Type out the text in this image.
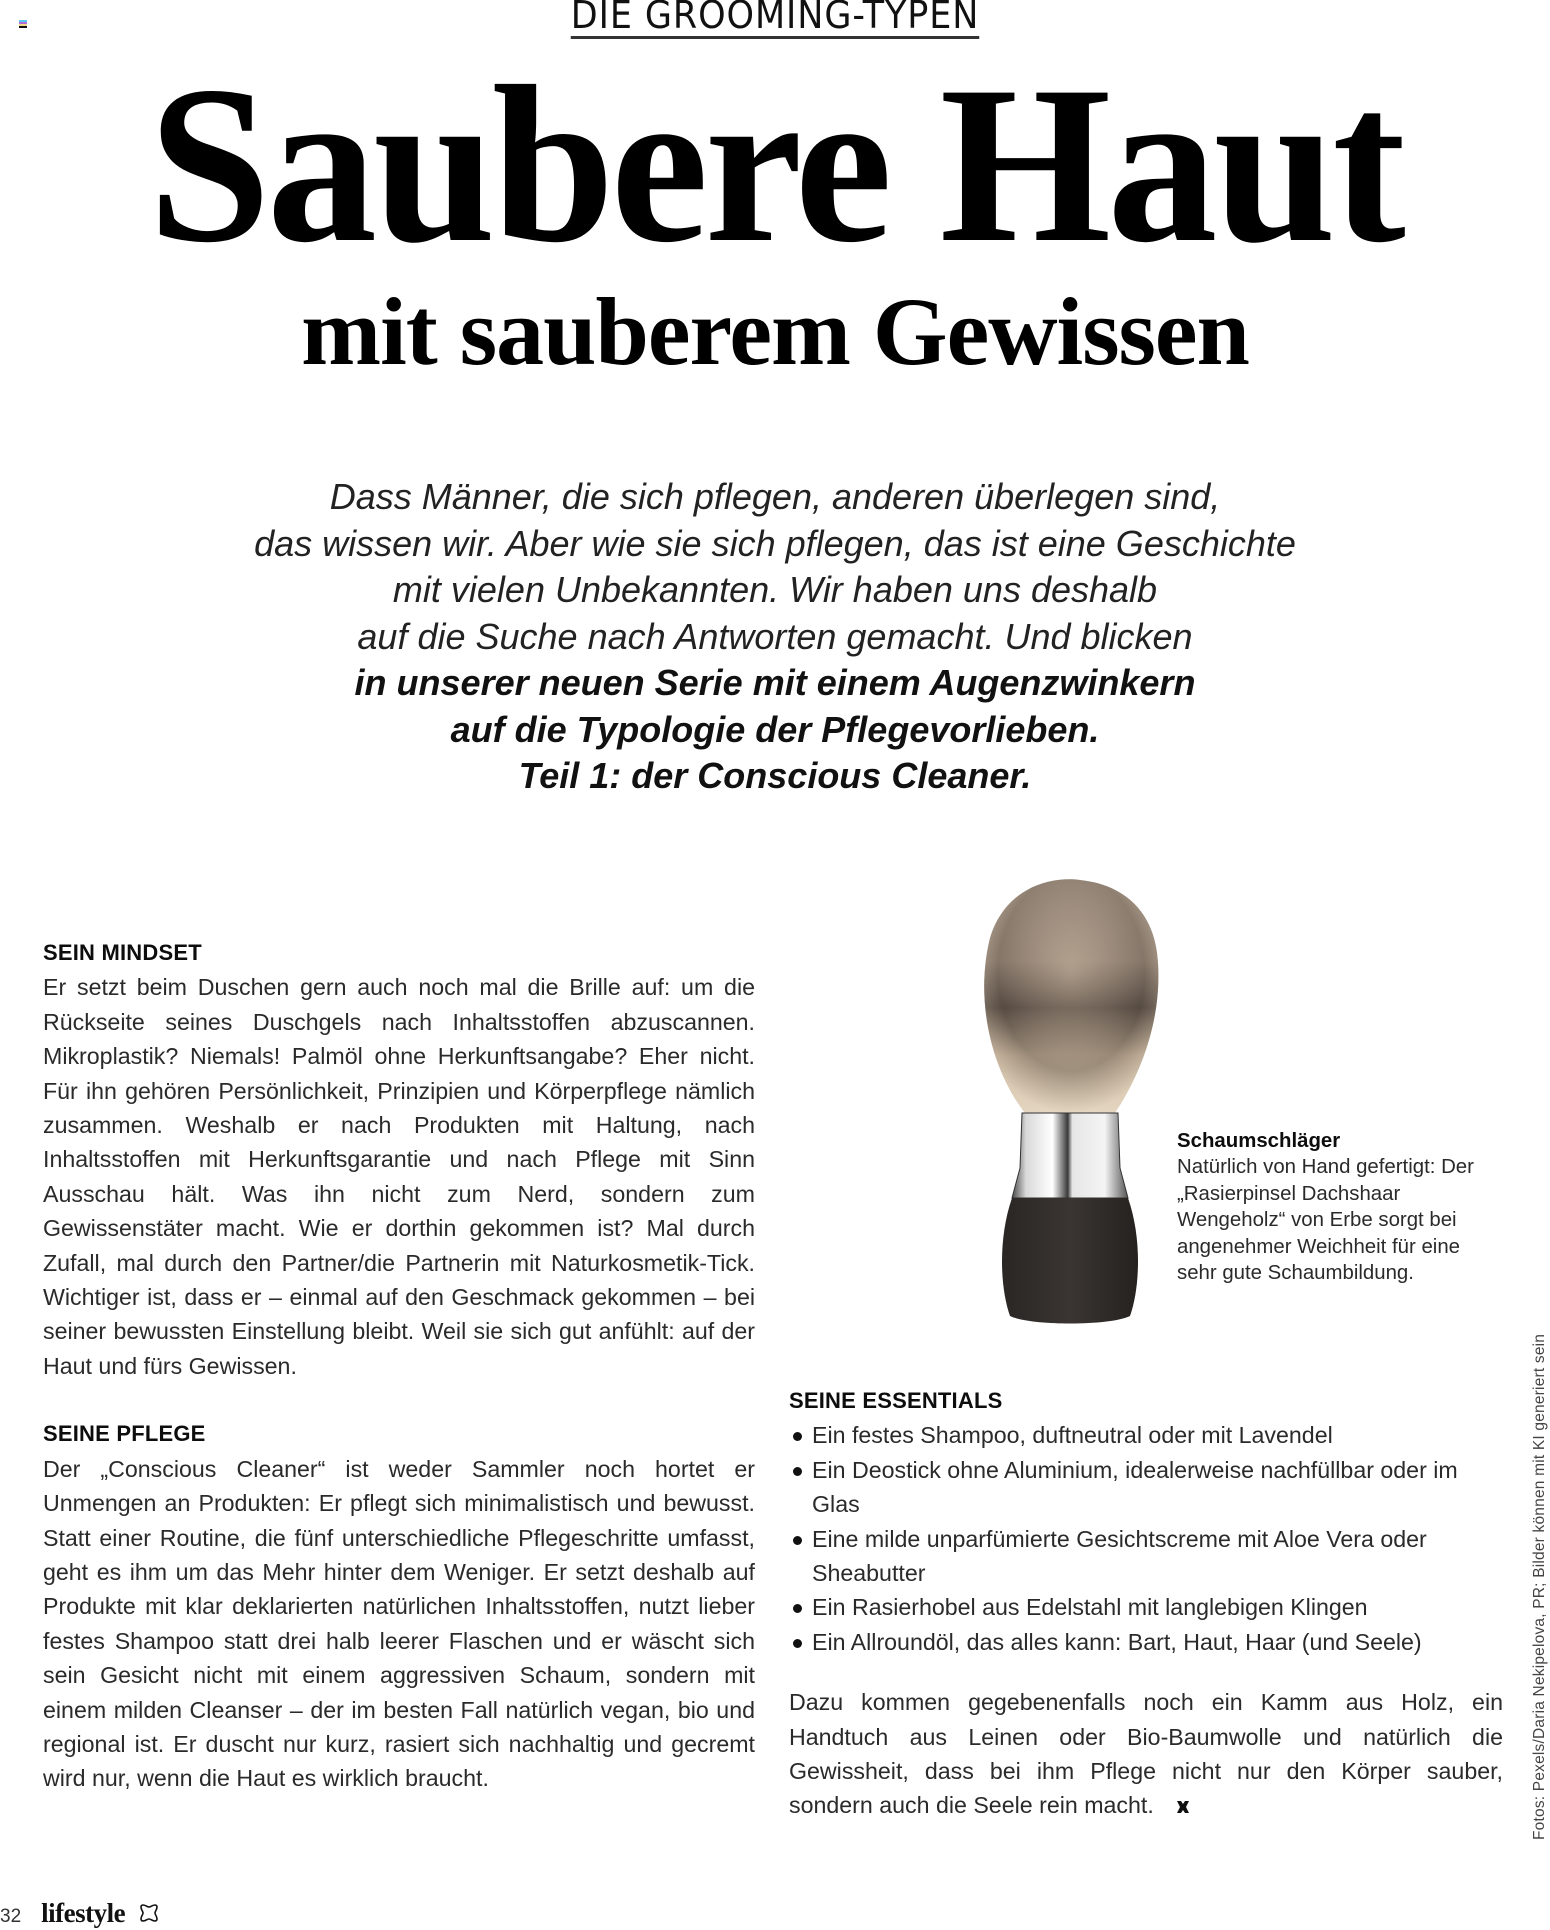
DIE GROOMING-TYPEN
Saubere Haut
mit sauberem Gewissen
Dass Männer, die sich pflegen, anderen überlegen sind,
das wissen wir. Aber wie sie sich pflegen, das ist eine Geschichte
mit vielen Unbekannten. Wir haben uns deshalb
auf die Suche nach Antworten gemacht. Und blicken
in unserer neuen Serie mit einem Augenzwinkern
auf die Typologie der Pflegevorlieben.
Teil 1: der Conscious Cleaner.
SEIN MINDSET

Er setzt beim Duschen gern auch noch mal die Brille auf: um die Rückseite seines Duschgels nach Inhaltsstoffen abzuscannen. Mikroplastik? Niemals! Palmöl ohne Herkunftsangabe? Eher nicht. Für ihn gehören Persönlichkeit, Prinzipien und Körperpflege nämlich zusammen. Weshalb er nach Produkten mit Haltung, nach Inhaltsstoffen mit Herkunftsgarantie und nach Pflege mit Sinn Ausschau hält. Was ihn nicht zum Nerd, sondern zum Gewissenstäter macht. Wie er dorthin gekommen ist? Mal durch Zufall, mal durch den Partner/die Partnerin mit Naturkosmetik-Tick. Wichtiger ist, dass er – einmal auf den Geschmack gekommen – bei seiner bewussten Einstellung bleibt. Weil sie sich gut anfühlt: auf der Haut und fürs Gewissen.

SEINE PFLEGE

Der „Conscious Cleaner“ ist weder Sammler noch hortet er Unmengen an Produkten: Er pflegt sich minimalistisch und bewusst. Statt einer Routine, die fünf unterschiedliche Pflegeschritte umfasst, geht es ihm um das Mehr hinter dem Weniger. Er setzt deshalb auf Produkte mit klar deklarierten natürlichen Inhaltsstoffen, nutzt lieber festes Shampoo statt drei halb leerer Flaschen und er wäscht sich sein Gesicht nicht mit einem aggressiven Schaum, sondern mit einem milden Cleanser – der im besten Fall natürlich vegan, bio und regional ist. Er duscht nur kurz, rasiert sich nachhaltig und gecremt wird nur, wenn die Haut es wirklich braucht.

Schaumschläger
Natürlich von Hand gefertigt: Der „Rasierpinsel Dachshaar Wengeholz“ von Erbe sorgt bei angenehmer Weichheit für eine sehr gute Schaumbildung.
SEINE ESSENTIALS
Ein festes Shampoo, duftneutral oder mit Lavendel
Ein Deostick ohne Aluminium, idealerweise nachfüllbar oder im Glas
Eine milde unparfümierte Gesichtscreme mit Aloe Vera oder Sheabutter
Ein Rasierhobel aus Edelstahl mit langlebigen Klingen
Ein Allroundöl, das alles kann: Bart, Haut, Haar (und Seele)

Dazu kommen gegebenenfalls noch ein Kamm aus Holz, ein Handtuch aus Leinen oder Bio-Baumwolle und natürlich die Gewissheit, dass bei ihm Pflege nicht nur den Körper sauber, sondern auch die Seele rein macht.	Fotos: Pexels/Daria Nekipelova, PR; Bilder können mit KI generiert sein
32 lifestyle
